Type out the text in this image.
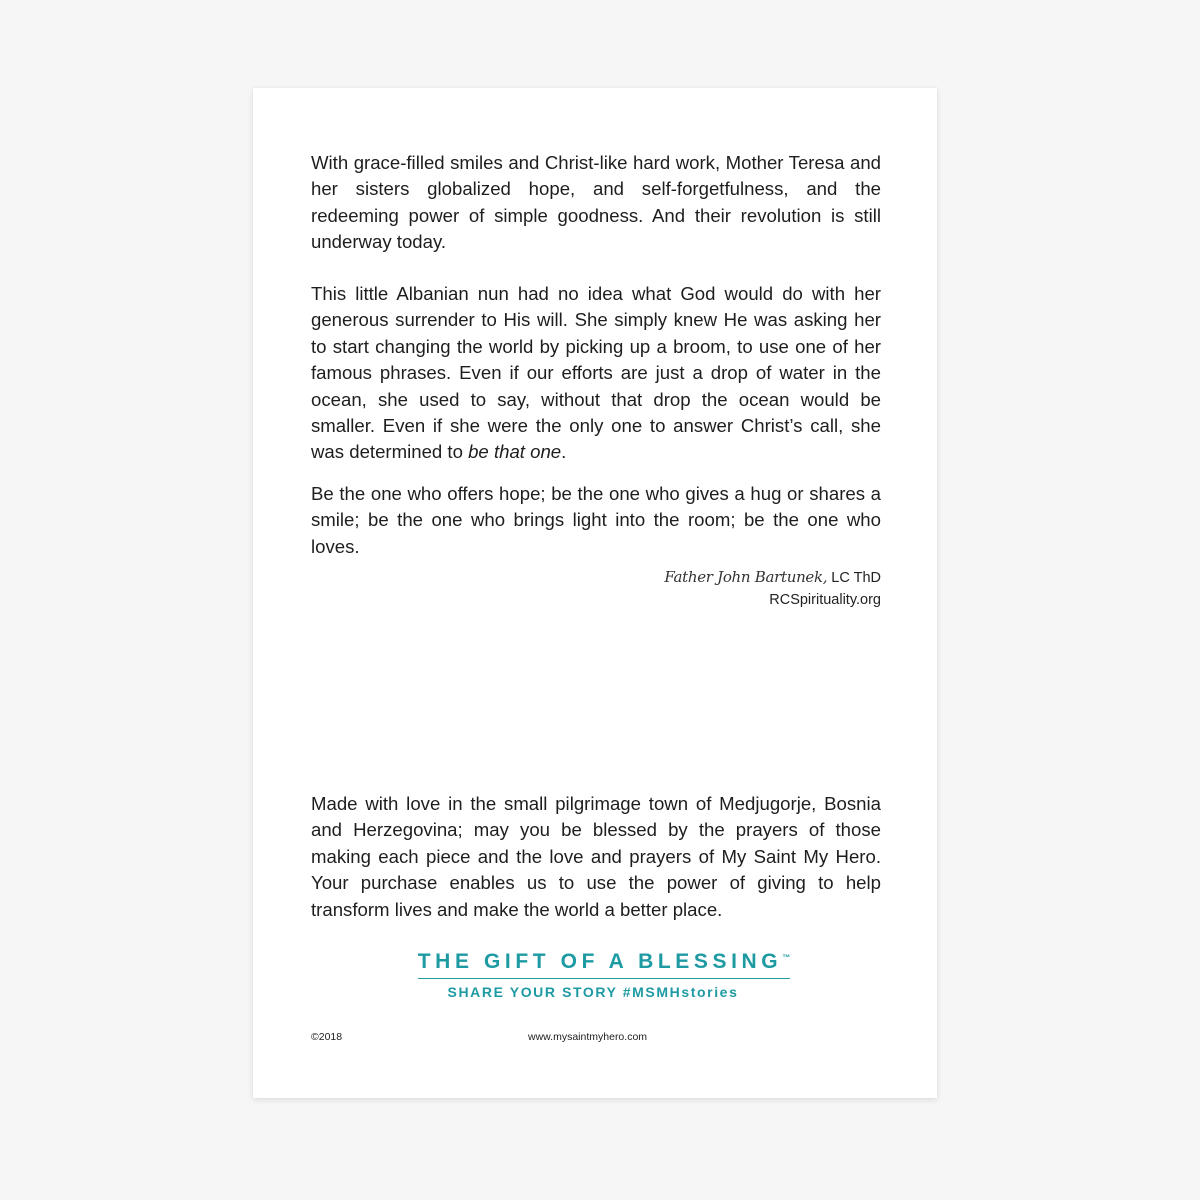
With grace-filled smiles and Christ-like hard work, Mother Teresa and her sisters globalized hope, and self-forgetfulness, and the redeeming power of simple goodness. And their revolution is still underway today.

This little Albanian nun had no idea what God would do with her generous surrender to His will. She simply knew He was asking her to start changing the world by picking up a broom, to use one of her famous phrases. Even if our efforts are just a drop of water in the ocean, she used to say, without that drop the ocean would be smaller. Even if she were the only one to answer Christ’s call, she was determined to be that one.

Be the one who offers hope; be the one who gives a hug or shares a smile; be the one who brings light into the room; be the one who loves.

Father John Bartunek, LC ThD
RCSpirituality.org

Made with love in the small pilgrimage town of Medjugorje, Bosnia and Herzegovina; may you be blessed by the prayers of those making each piece and the love and prayers of My Saint My Hero. Your purchase enables us to use the power of giving to help transform lives and make the world a better place.

THE GIFT OF A BLESSING™
SHARE YOUR STORY #MSMHstories
©2018	www.mysaintmyhero.com
